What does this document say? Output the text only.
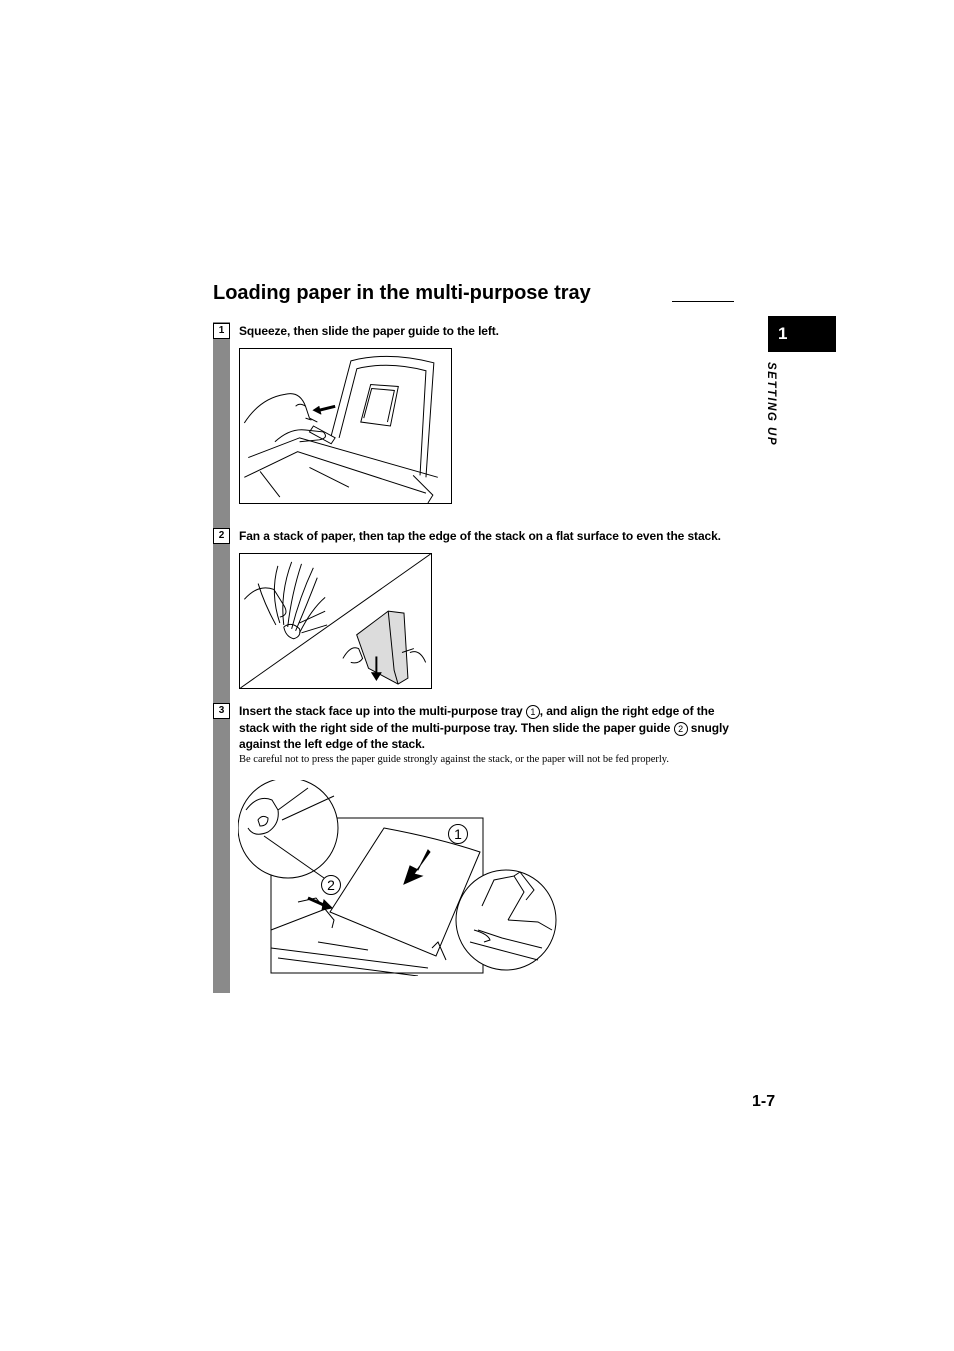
Loading paper in the multi-purpose tray
1	Squeeze, then slide the paper guide to the left.
2	Fan a stack of paper, then tap the edge of the stack on a flat surface to even the stack.
3	Insert the stack face up into the multi-purpose tray 1 , and align the right edge of the stack with the right side of the multi-purpose tray. Then slide the paper guide 2 snugly against the left edge of the stack.
Be careful not to press the paper guide strongly against the stack, or the paper will not be fed properly.
1
2
1
SETTING UP
1-7
